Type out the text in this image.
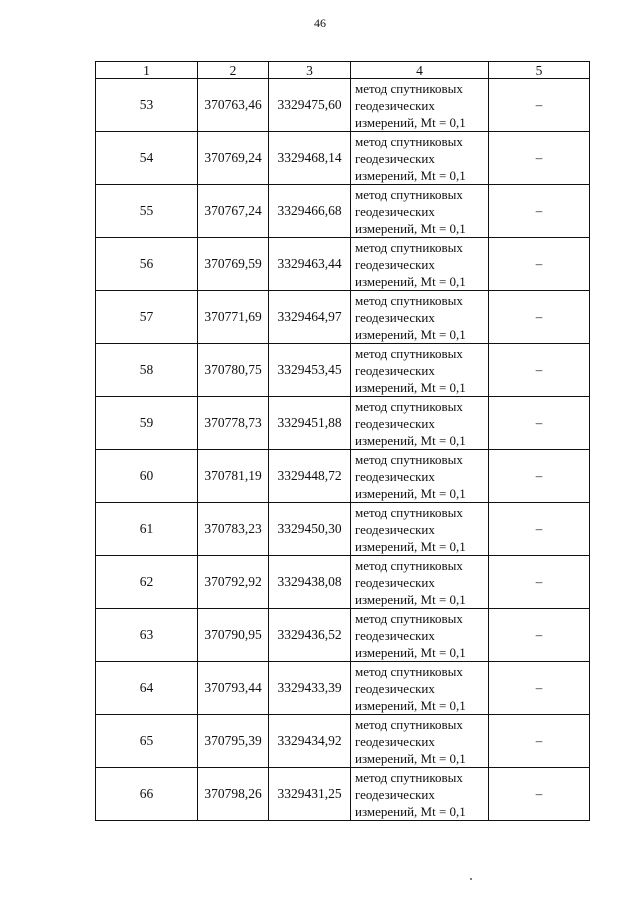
46
1	2	3	4	5
53	370763,46	3329475,60	метод спутниковых
геодезических
измерений, Mt = 0,1	–
54	370769,24	3329468,14	метод спутниковых
геодезических
измерений, Mt = 0,1	–
55	370767,24	3329466,68	метод спутниковых
геодезических
измерений, Mt = 0,1	–
56	370769,59	3329463,44	метод спутниковых
геодезических
измерений, Mt = 0,1	–
57	370771,69	3329464,97	метод спутниковых
геодезических
измерений, Mt = 0,1	–
58	370780,75	3329453,45	метод спутниковых
геодезических
измерений, Mt = 0,1	–
59	370778,73	3329451,88	метод спутниковых
геодезических
измерений, Mt = 0,1	–
60	370781,19	3329448,72	метод спутниковых
геодезических
измерений, Mt = 0,1	–
61	370783,23	3329450,30	метод спутниковых
геодезических
измерений, Mt = 0,1	–
62	370792,92	3329438,08	метод спутниковых
геодезических
измерений, Mt = 0,1	–
63	370790,95	3329436,52	метод спутниковых
геодезических
измерений, Mt = 0,1	–
64	370793,44	3329433,39	метод спутниковых
геодезических
измерений, Mt = 0,1	–
65	370795,39	3329434,92	метод спутниковых
геодезических
измерений, Mt = 0,1	–
66	370798,26	3329431,25	метод спутниковых
геодезических
измерений, Mt = 0,1	–
